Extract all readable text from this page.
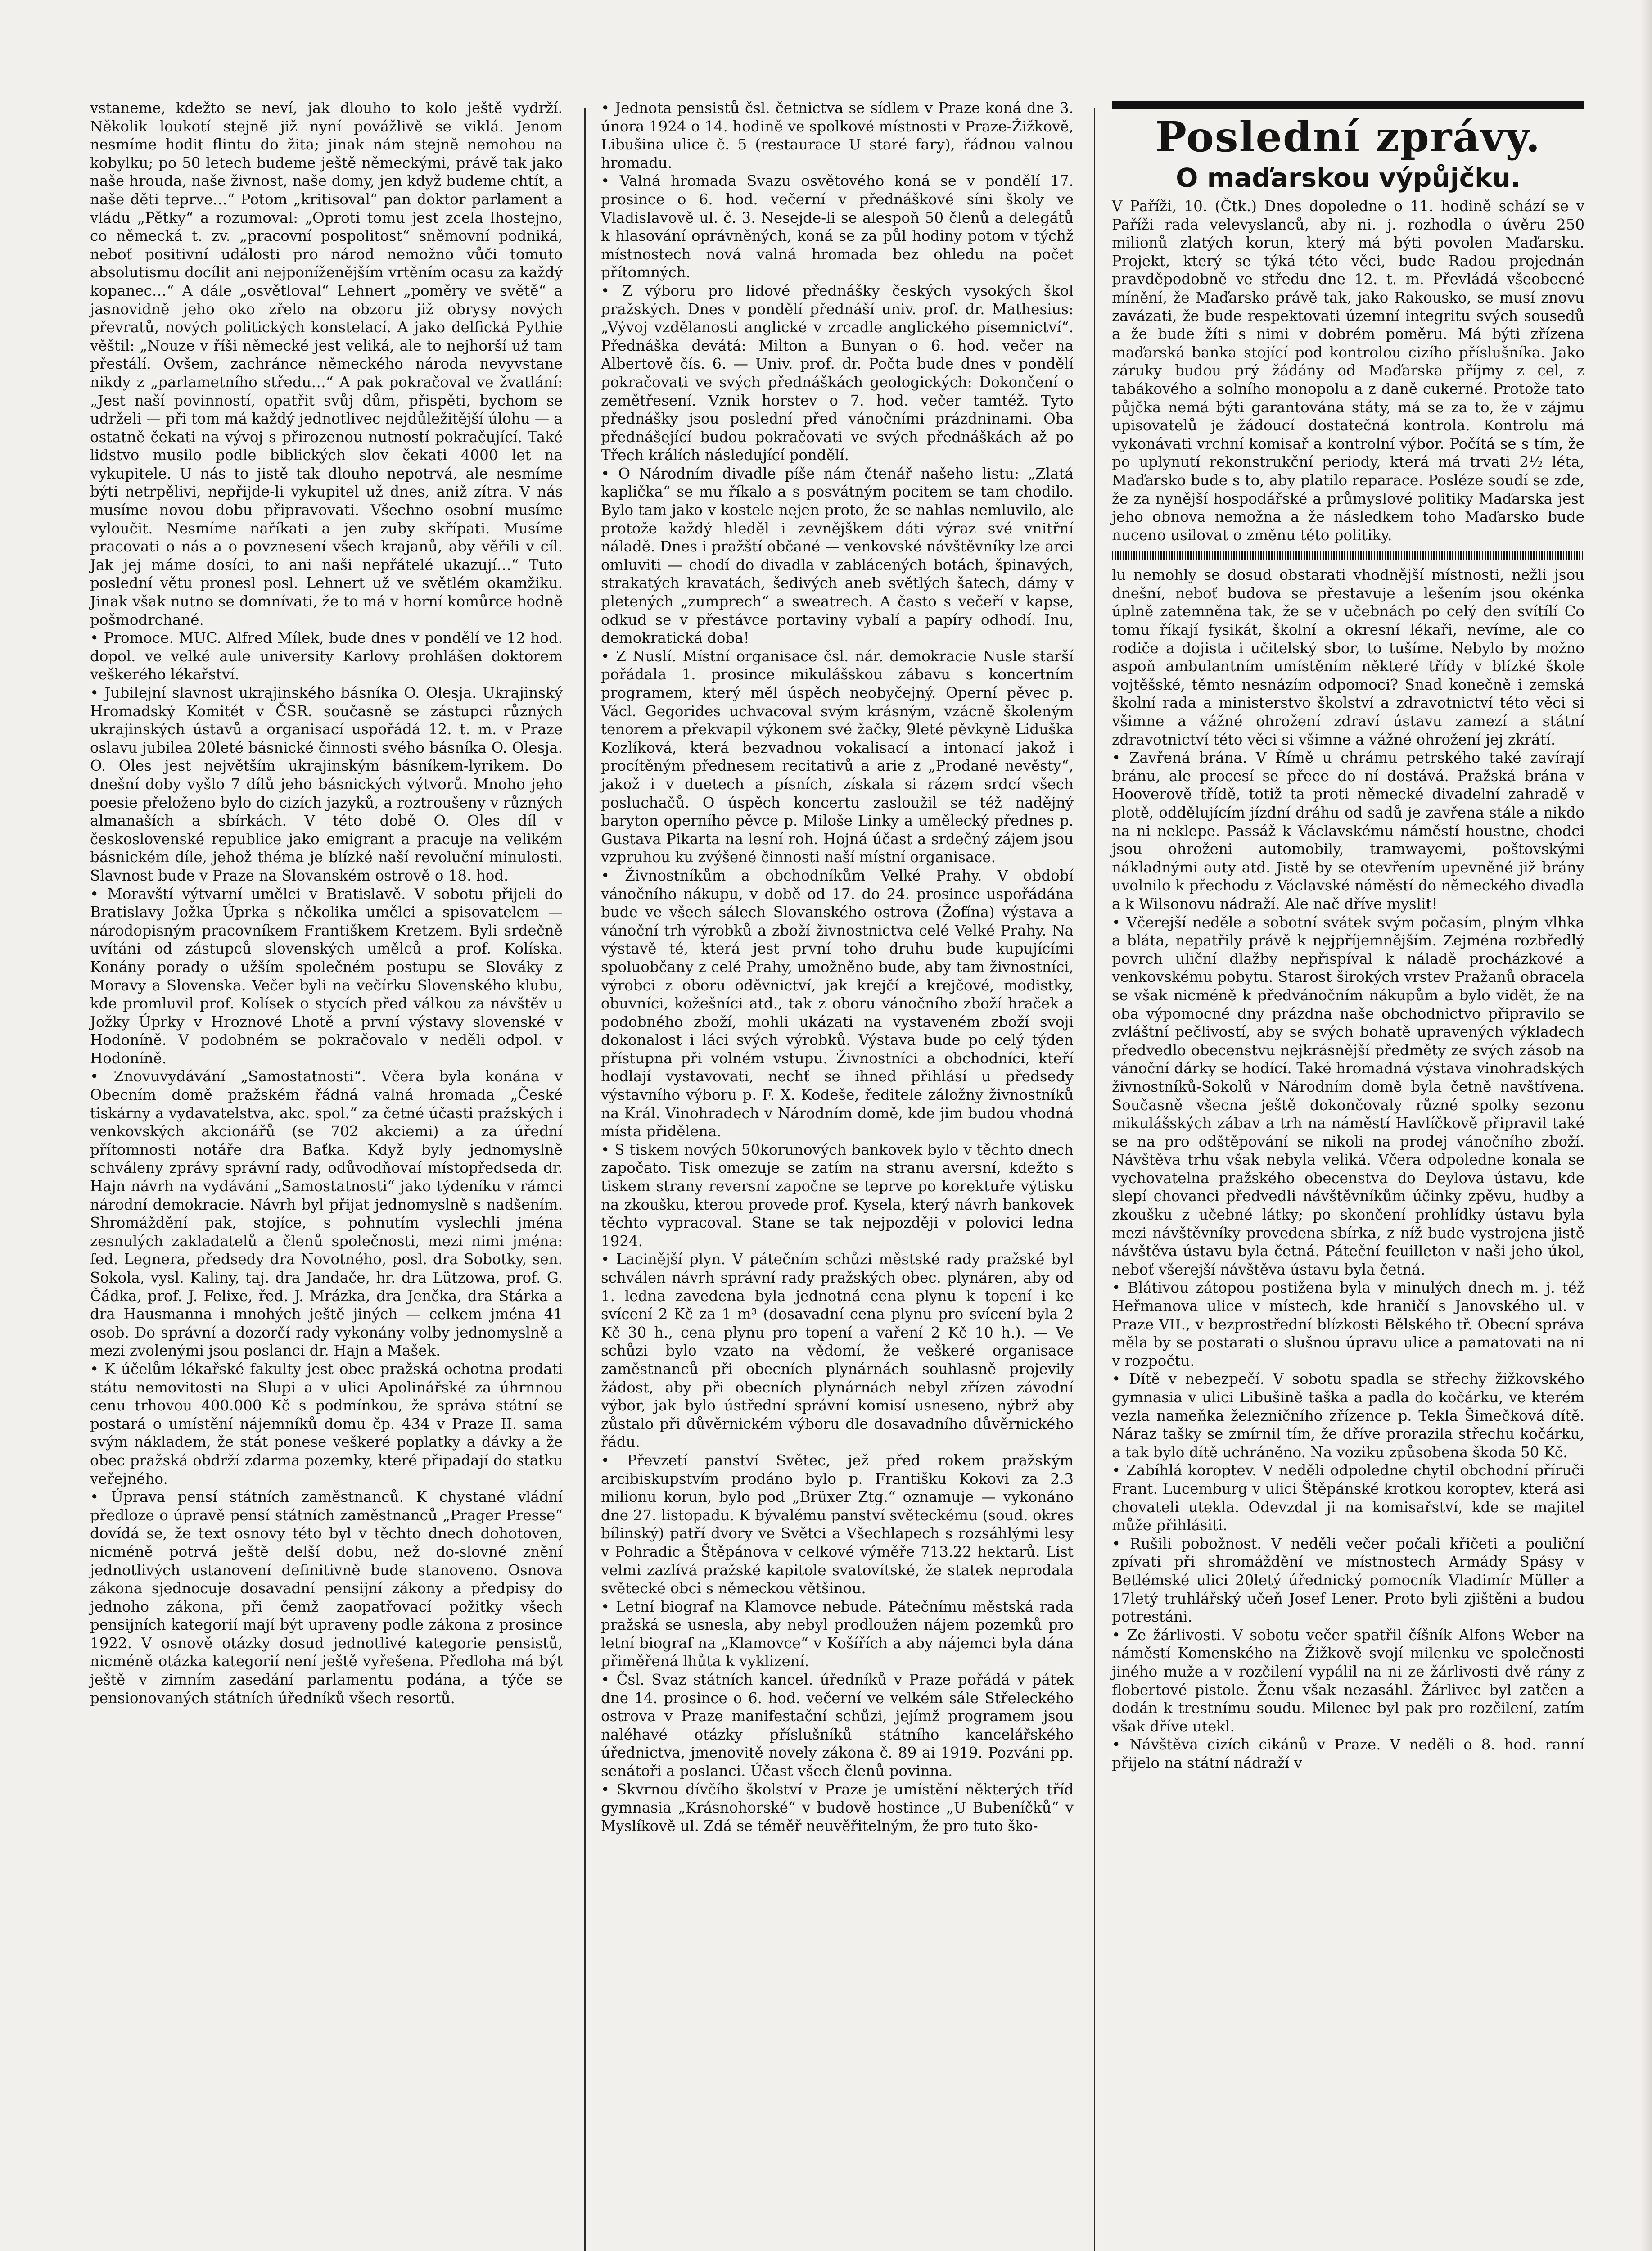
vstaneme, kdežto se neví, jak dlouho to kolo ještě vydrží. Několik loukotí stejně již nyní povážlivě se viklá. Jenom nesmíme hodit flintu do žita; jinak nám stejně nemohou na kobylku; po 50 letech budeme ještě německými, právě tak jako naše hrouda, naše živnost, naše domy, jen když budeme chtít, a naše děti teprve…“ Potom „kritisoval“ pan doktor parlament a vládu „Pětky“ a rozumoval: „Oproti tomu jest zcela lhostejno, co německá t. zv. „pracovní pospolitost“ sněmovní podniká, neboť positivní události pro národ nemožno vůči tomuto absolutismu docílit ani nejponíženějším vrtěním ocasu za každý kopanec…“ A dále „osvětloval“ Lehnert „poměry ve světě“ a jasnovidně jeho oko zřelo na obzoru již obrysy nových převratů, nových politických konstelací. A jako delfická Pythie věštil: „Nouze v říši německé jest veliká, ale to nejhorší už tam přestálí. Ovšem, zachránce německého národa nevyvstane nikdy z „parlametního středu…“ A pak pokračoval ve žvatlání: „Jest naší povinností, opatřit svůj dům, přispěti, bychom se udrželi — při tom má každý jednotlivec nejdůležitější úlohu — a ostatně čekati na vývoj s přirozenou nutností pokračující. Také lidstvo musilo podle biblických slov čekati 4000 let na vykupitele. U nás to jistě tak dlouho nepotrvá, ale nesmíme býti netrpělivi, nepřijde-li vykupitel už dnes, aniž zítra. V nás musíme novou dobu připravovati. Všechno osobní musíme vyloučit. Nesmíme naříkati a jen zuby skřípati. Musíme pracovati o nás a o povznesení všech krajanů, aby věřili v cíl. Jak jej máme dosíci, to ani naši nepřátelé ukazují…“ Tuto poslední větu pronesl posl. Lehnert už ve světlém okamžiku. Jinak však nutno se domnívati, že to má v horní komůrce hodně pošmodrchané.

• Promoce. MUC. Alfred Mílek, bude dnes v pondělí ve 12 hod. dopol. ve velké aule university Karlovy prohlášen doktorem veškerého lékařství.

• Jubilejní slavnost ukrajinského básníka O. Olesja. Ukrajinský Hromadský Komitét v ČSR. současně se zástupci různých ukrajinských ústavů a organisací uspořádá 12. t. m. v Praze oslavu jubilea 20leté básnické činnosti svého básníka O. Olesja. O. Oles jest největším ukrajinským básníkem-lyrikem. Do dnešní doby vyšlo 7 dílů jeho básnických výtvorů. Mnoho jeho poesie přeloženo bylo do cizích jazyků, a roztroušeny v různých almanaších a sbírkách. V této době O. Oles díl v československé republice jako emigrant a pracuje na velikém básnickém díle, jehož théma je blízké naší revoluční minulosti. Slavnost bude v Praze na Slovanském ostrově o 18. hod.

• Moravští výtvarní umělci v Bratislavě. V sobotu přijeli do Bratislavy Jožka Úprka s několika umělci a spisovatelem — národopisným pracovníkem Františkem Kretzem. Byli srdečně uvítáni od zástupců slovenských umělců a prof. Kolíska. Konány porady o užším společném postupu se Slováky z Moravy a Slovenska. Večer byli na večírku Slovenského klubu, kde promluvil prof. Kolísek o stycích před válkou za návštěv u Jožky Úprky v Hroznové Lhotě a první výstavy slovenské v Hodoníně. V podobném se pokračovalo v neděli odpol. v Hodoníně.

• Znovuvydávání „Samostatnosti“. Včera byla konána v Obecním domě pražském řádná valná hromada „České tiskárny a vydavatelstva, akc. spol.“ za četné účasti pražských i venkovských akcionářů (se 702 akciemi) a za úřední přítomnosti notáře dra Baťka. Když byly jednomyslně schváleny zprávy správní rady, odůvodňovaí místopředseda dr. Hajn návrh na vydávání „Samostatnosti“ jako týdeníku v rámci národní demokracie. Návrh byl přijat jednomyslně s nadšením. Shromáždění pak, stojíce, s pohnutím vyslechli jména zesnulých zakladatelů a členů společnosti, mezi nimi jména: fed. Legnera, předsedy dra Novotného, posl. dra Sobotky, sen. Sokola, vysl. Kaliny, taj. dra Jandače, hr. dra Lützowa, prof. G. Čádka, prof. J. Felixe, řed. J. Mrázka, dra Jenčka, dra Stárka a dra Hausmanna i mnohých ještě jiných — celkem jména 41 osob. Do správní a dozorčí rady vykonány volby jednomyslně a mezi zvolenými jsou poslanci dr. Hajn a Mašek.

• K účelům lékařské fakulty jest obec pražská ochotna prodati státu nemovitosti na Slupi a v ulici Apolinářské za úhrnnou cenu trhovou 400.000 Kč s podmínkou, že správa státní se postará o umístění nájemníků domu čp. 434 v Praze II. sama svým nákladem, že stát ponese veškeré poplatky a dávky a že obec pražská obdrží zdarma pozemky, které připadají do statku veřejného.

• Úprava pensí státních zaměstnanců. K chystané vládní předloze o úpravě pensí státních zaměstnanců „Prager Presse“ dovídá se, že text osnovy této byl v těchto dnech dohotoven, nicméně potrvá ještě delší dobu, než do-slovné znění jednotlivých ustanovení definitivně bude stanoveno. Osnova zákona sjednocuje dosavadní pensijní zákony a předpisy do jednoho zákona, při čemž zaopatřovací požitky všech pensijních kategorií mají být upraveny podle zákona z prosince 1922. V osnově otázky dosud jednotlivé kategorie pensistů, nicméně otázka kategorií není ještě vyřešena. Předloha má být ještě v zimním zasedání parlamentu podána, a týče se pensionovaných státních úředníků všech resortů.

• Jednota pensistů čsl. četnictva se sídlem v Praze koná dne 3. února 1924 o 14. hodině ve spolkové místnosti v Praze-Žižkově, Libušina ulice č. 5 (restaurace U staré fary), řádnou valnou hromadu.

• Valná hromada Svazu osvětového koná se v pondělí 17. prosince o 6. hod. večerní v přednáškové síni školy ve Vladislavově ul. č. 3. Nesejde-li se alespoň 50 členů a delegátů k hlasování oprávněných, koná se za půl hodiny potom v týchž místnostech nová valná hromada bez ohledu na počet přítomných.

• Z výboru pro lidové přednášky českých vysokých škol pražských. Dnes v pondělí přednáší univ. prof. dr. Mathesius: „Vývoj vzdělanosti anglické v zrcadle anglického písemnictví“. Přednáška devátá: Milton a Bunyan o 6. hod. večer na Albertově čís. 6. — Univ. prof. dr. Počta bude dnes v pondělí pokračovati ve svých přednáškách geologických: Dokončení o zemětřesení. Vznik horstev o 7. hod. večer tamtéž. Tyto přednášky jsou poslední před vánočními prázdninami. Oba přednášející budou pokračovati ve svých přednáškách až po Třech králích následující pondělí.

• O Národním divadle píše nám čtenář našeho listu: „Zlatá kaplička“ se mu říkalo a s posvátným pocitem se tam chodilo. Bylo tam jako v kostele nejen proto, že se nahlas nemluvilo, ale protože každý hleděl i zevnějškem dáti výraz své vnitřní náladě. Dnes i pražští občané — venkovské návštěvníky lze arci omluviti — chodí do divadla v zablácených botách, špinavých, strakatých kravatách, šedivých aneb světlých šatech, dámy v pletených „zumprech“ a sweatrech. A často s večeří v kapse, odkud se v přestávce portaviny vybalí a papíry odhodí. Inu, demokratická doba!

• Z Nuslí. Místní organisace čsl. nár. demokracie Nusle starší pořádala 1. prosince mikulášskou zábavu s koncertním programem, který měl úspěch neobyčejný. Operní pěvec p. Václ. Gegorides uchvacoval svým krásným, vzácně školeným tenorem a překvapil výkonem své žačky, 9leté pěvkyně Liduška Kozlíková, která bezvadnou vokalisací a intonací jakož i procítěným přednesem recitativů a arie z „Prodané nevěsty“, jakož i v duetech a písních, získala si rázem srdcí všech posluchačů. O úspěch koncertu zasloužil se též nadějný baryton operního pěvce p. Miloše Linky a umělecký přednes p. Gustava Pikarta na lesní roh. Hojná účast a srdečný zájem jsou vzpruhou ku zvýšené činnosti naší místní organisace.

• Živnostníkům a obchodníkům Velké Prahy. V období vánočního nákupu, v době od 17. do 24. prosince uspořádána bude ve všech sálech Slovanského ostrova (Žofína) výstava a vánoční trh výrobků a zboží živnostnictva celé Velké Prahy. Na výstavě té, která jest první toho druhu bude kupujícími spoluobčany z celé Prahy, umožněno bude, aby tam živnostníci, výrobci z oboru oděvnictví, jak krejčí a krejčové, modistky, obuvníci, kožešníci atd., tak z oboru vánočního zboží hraček a podobného zboží, mohli ukázati na vystaveném zboží svoji dokonalost i láci svých výrobků. Výstava bude po celý týden přístupna při volném vstupu. Živnostníci a obchodníci, kteří hodlají vystavovati, nechť se ihned přihlásí u předsedy výstavního výboru p. F. X. Kodeše, ředitele záložny živnostníků na Král. Vinohradech v Národním domě, kde jim budou vhodná místa přidělena.

• S tiskem nových 50korunových bankovek bylo v těchto dnech započato. Tisk omezuje se zatím na stranu aversní, kdežto s tiskem strany reversní započne se teprve po korektuře výtisku na zkoušku, kterou provede prof. Kysela, který návrh bankovek těchto vypracoval. Stane se tak nejpozději v polovici ledna 1924.

• Lacinější plyn. V pátečním schůzi městské rady pražské byl schválen návrh správní rady pražských obec. plynáren, aby od 1. ledna zavedena byla jednotná cena plynu k topení i ke svícení 2 Kč za 1 m³ (dosavadní cena plynu pro svícení byla 2 Kč 30 h., cena plynu pro topení a vaření 2 Kč 10 h.). — Ve schůzi bylo vzato na vědomí, že veškeré organisace zaměstnanců při obecních plynárnách souhlasně projevily žádost, aby při obecních plynárnách nebyl zřízen závodní výbor, jak bylo ústřední správní komisí usneseno, nýbrž aby zůstalo při důvěrnickém výboru dle dosavadního důvěrnického řádu.

• Převzetí panství Světec, jež před rokem pražským arcibiskupstvím prodáno bylo p. Františku Kokovi za 2.3 milionu korun, bylo pod „Brüxer Ztg.“ oznamuje — vykonáno dne 27. listopadu. K bývalému panství světeckému (soud. okres bílinský) patří dvory ve Světci a Všechlapech s rozsáhlými lesy v Pohradic a Štěpánova v celkové výměře 713.22 hektarů. List velmi zazlívá pražské kapitole svatovítské, že statek neprodala světecké obci s německou většinou.

• Letní biograf na Klamovce nebude. Pátečnímu městská rada pražská se usnesla, aby nebyl prodloužen nájem pozemků pro letní biograf na „Klamovce“ v Košířích a aby nájemci byla dána přiměřená lhůta k vyklizení.

• Čsl. Svaz státních kancel. úředníků v Praze pořádá v pátek dne 14. prosince o 6. hod. večerní ve velkém sále Střeleckého ostrova v Praze manifestační schůzi, jejímž programem jsou naléhavé otázky příslušníků státního kancelářského úřednictva, jmenovitě novely zákona č. 89 ai 1919. Pozváni pp. senátoři a poslanci. Účast všech členů povinna.

• Skvrnou dívčího školství v Praze je umístění některých tříd gymnasia „Krásnohorské“ v budově hostince „U Bubeníčků“ v Myslíkově ul. Zdá se téměř neuvěřitelným, že pro tuto ško-

Poslední zprávy.
O maďarskou výpůjčku.

V Paříži, 10. (Čtk.) Dnes dopoledne o 11. hodině schází se v Paříži rada velevyslanců, aby ni. j. rozhodla o úvěru 250 milionů zlatých korun, který má býti povolen Maďarsku. Projekt, který se týká této věci, bude Radou projednán pravděpodobně ve středu dne 12. t. m. Převládá všeobecné mínění, že Maďarsko právě tak, jako Rakousko, se musí znovu zavázati, že bude respektovati územní integritu svých sousedů a že bude žíti s nimi v dobrém poměru. Má býti zřízena maďarská banka stojící pod kontrolou cizího příslušníka. Jako záruky budou prý žádány od Maďarska příjmy z cel, z tabákového a solního monopolu a z daně cukerné. Protože tato půjčka nemá býti garantována státy, má se za to, že v zájmu upisovatelů je žádoucí dostatečná kontrola. Kontrolu má vykonávati vrchní komisař a kontrolní výbor. Počítá se s tím, že po uplynutí rekonstrukční periody, která má trvati 2½ léta, Maďarsko bude s to, aby platilo reparace. Posléze soudí se zde, že za nynější hospodářské a průmyslové politiky Maďarska jest jeho obnova nemožna a že následkem toho Maďarsko bude nuceno usilovat o změnu této politiky.

lu nemohly se dosud obstarati vhodnější místnosti, nežli jsou dnešní, neboť budova se přestavuje a lešením jsou okénka úplně zatemněna tak, že se v učebnách po celý den svítílí Co tomu říkají fysikát, školní a okresní lékaři, nevíme, ale co rodiče a dojista i učitelský sbor, to tušíme. Nebylo by možno aspoň ambulantním umístěním některé třídy v blízké škole vojtěšské, těmto nesnázím odpomoci? Snad konečně i zemská školní rada a ministerstvo školství a zdravotnictví této věci si všimne a vážné ohrožení zdraví ústavu zamezí a státní zdravotnictví této věci si všimne a vážné ohrožení jej zkrátí.

• Zavřená brána. V Římě u chrámu petrského také zavírají bránu, ale procesí se přece do ní dostává. Pražská brána v Hooverově třídě, totiž ta proti německé divadelní zahradě v plotě, oddělujícím jízdní dráhu od sadů je zavřena stále a nikdo na ni neklepe. Passáž k Václavskému náměstí houstne, chodci jsou ohroženi automobily, tramwayemi, poštovskými nákladnými auty atd. Jistě by se otevřením upevněné již brány uvolnilo k přechodu z Václavské náměstí do německého divadla a k Wilsonovu nádraží. Ale nač dříve myslit!

• Včerejší neděle a sobotní svátek svým počasím, plným vlhka a bláta, nepatřily právě k nejpříjemnějším. Zejména rozbředlý povrch uliční dlažby nepřispíval k náladě procházkové a venkovskému pobytu. Starost širokých vrstev Pražanů obracela se však nicméně k předvánočním nákupům a bylo vidět, že na oba výpomocné dny prázdna naše obchodnictvo připravilo se zvláštní pečlivostí, aby se svých bohatě upravených výkladech předvedlo obecenstvu nejkrásnější předměty ze svých zásob na vánoční dárky se hodící. Také hromadná výstava vinohradských živnostníků-Sokolů v Národním domě byla četně navštívena. Současně všecna ještě dokončovaly různé spolky sezonu mikulášských zábav a trh na náměstí Havlíčkově připravil také se na pro odštěpování se nikoli na prodej vánočního zboží. Návštěva trhu však nebyla veliká. Včera odpoledne konala se vychovatelna pražského obecenstva do Deylova ústavu, kde slepí chovanci předvedli návštěvníkům účinky zpěvu, hudby a zkoušku z učebné látky; po skončení prohlídky ústavu byla mezi návštěvníky provedena sbírka, z níž bude vystrojena jistě návštěva ústavu byla četná. Páteční feuilleton v naši jeho úkol, neboť všerejší návštěva ústavu byla četná.

• Blátivou zátopou postižena byla v minulých dnech m. j. též Heřmanova ulice v místech, kde hraničí s Janovského ul. v Praze VII., v bezprostřední blízkosti Bělského tř. Obecní správa měla by se postarati o slušnou úpravu ulice a pamatovati na ni v rozpočtu.

• Dítě v nebezpečí. V sobotu spadla se střechy žižkovského gymnasia v ulici Libušině taška a padla do kočárku, ve kterém vezla nameňka železničního zřízence p. Tekla Šimečková dítě. Náraz tašky se zmírnil tím, že dříve prorazila střechu kočárku, a tak bylo dítě uchráněno. Na voziku způsobena škoda 50 Kč.

• Zabíhlá koroptev. V neděli odpoledne chytil obchodní příruči Frant. Lucemburg v ulici Štěpánské krotkou koroptev, která asi chovateli utekla. Odevzdal ji na komisařství, kde se majitel může přihlásiti.

• Rušili pobožnost. V neděli večer počali křičeti a pouliční zpívati při shromáždění ve místnostech Armády Spásy v Betlémské ulici 20letý úřednický pomocník Vladimír Müller a 17letý truhlářský učeň Josef Lener. Proto byli zjištěni a budou potrestáni.

• Ze žárlivosti. V sobotu večer spatřil číšník Alfons Weber na náměstí Komenského na Žižkově svojí milenku ve společnosti jiného muže a v rozčilení vypálil na ni ze žárlivosti dvě rány z flobertové pistole. Ženu však nezasáhl. Žárlivec byl zatčen a dodán k trestnímu soudu. Milenec byl pak pro rozčilení, zatím však dříve utekl.

• Návštěva cizích cikánů v Praze. V neděli o 8. hod. ranní přijelo na státní nádraží v
